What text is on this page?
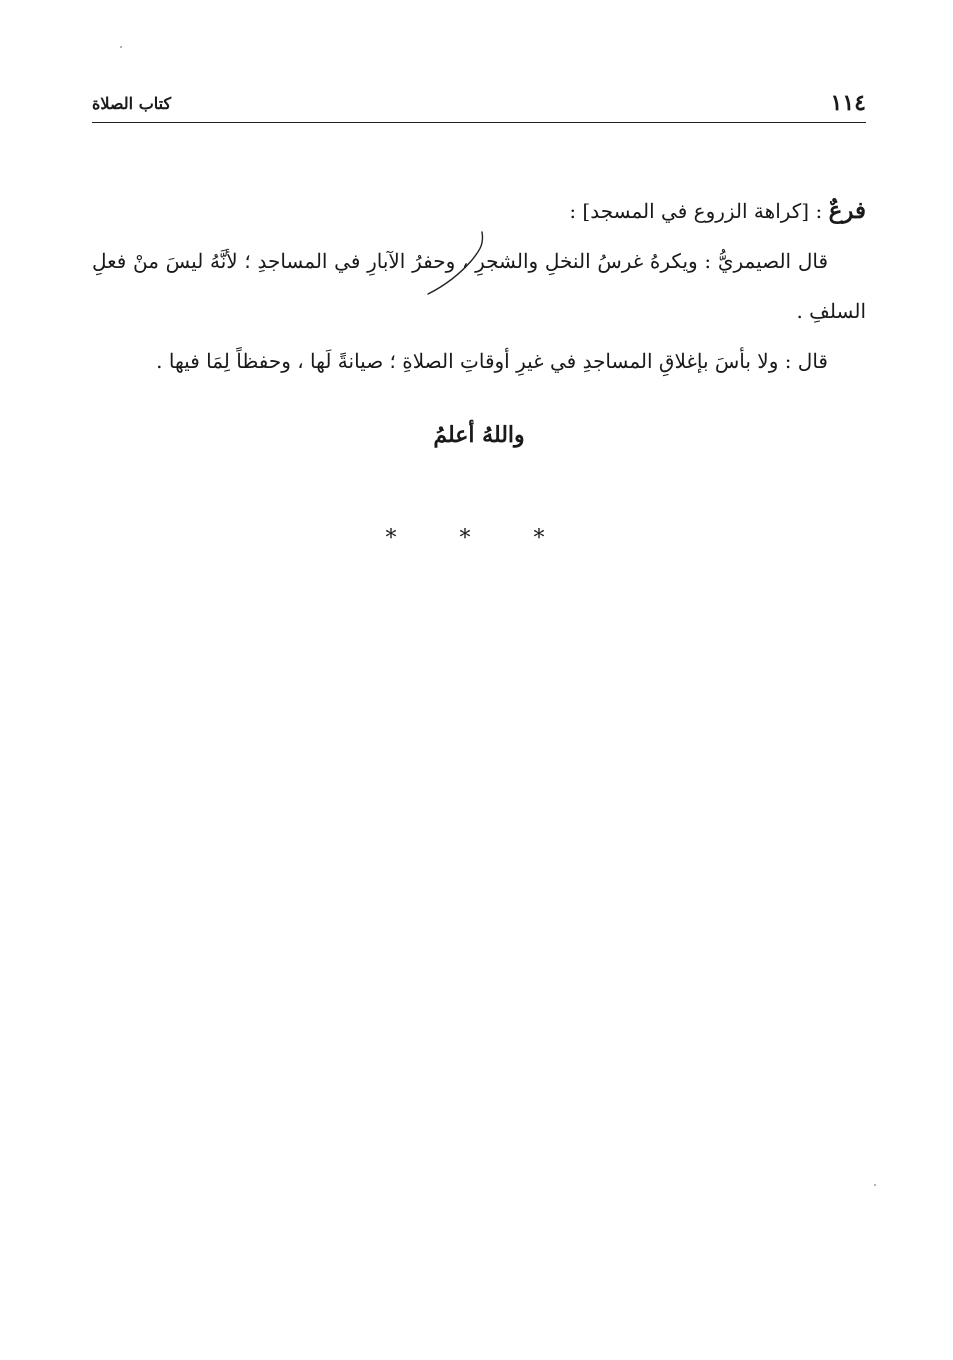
١١٤
كتاب الصلاة

فرعٌ : [كراهة الزروع في المسجد] :

قال الصيمريُّ : ويكرهُ غرسُ النخلِ والشجرِ ، وحفرُ الآبارِ في المساجدِ ؛ لأنَّهُ ليسَ منْ فعلِ السلفِ .

قال : ولا بأسَ بإغلاقِ المساجدِ في غيرِ أوقاتِ الصلاةِ ؛ صيانةً لَها ، وحفظاً لِمَا فيها .

واللهُ أعلمُ
* * *
